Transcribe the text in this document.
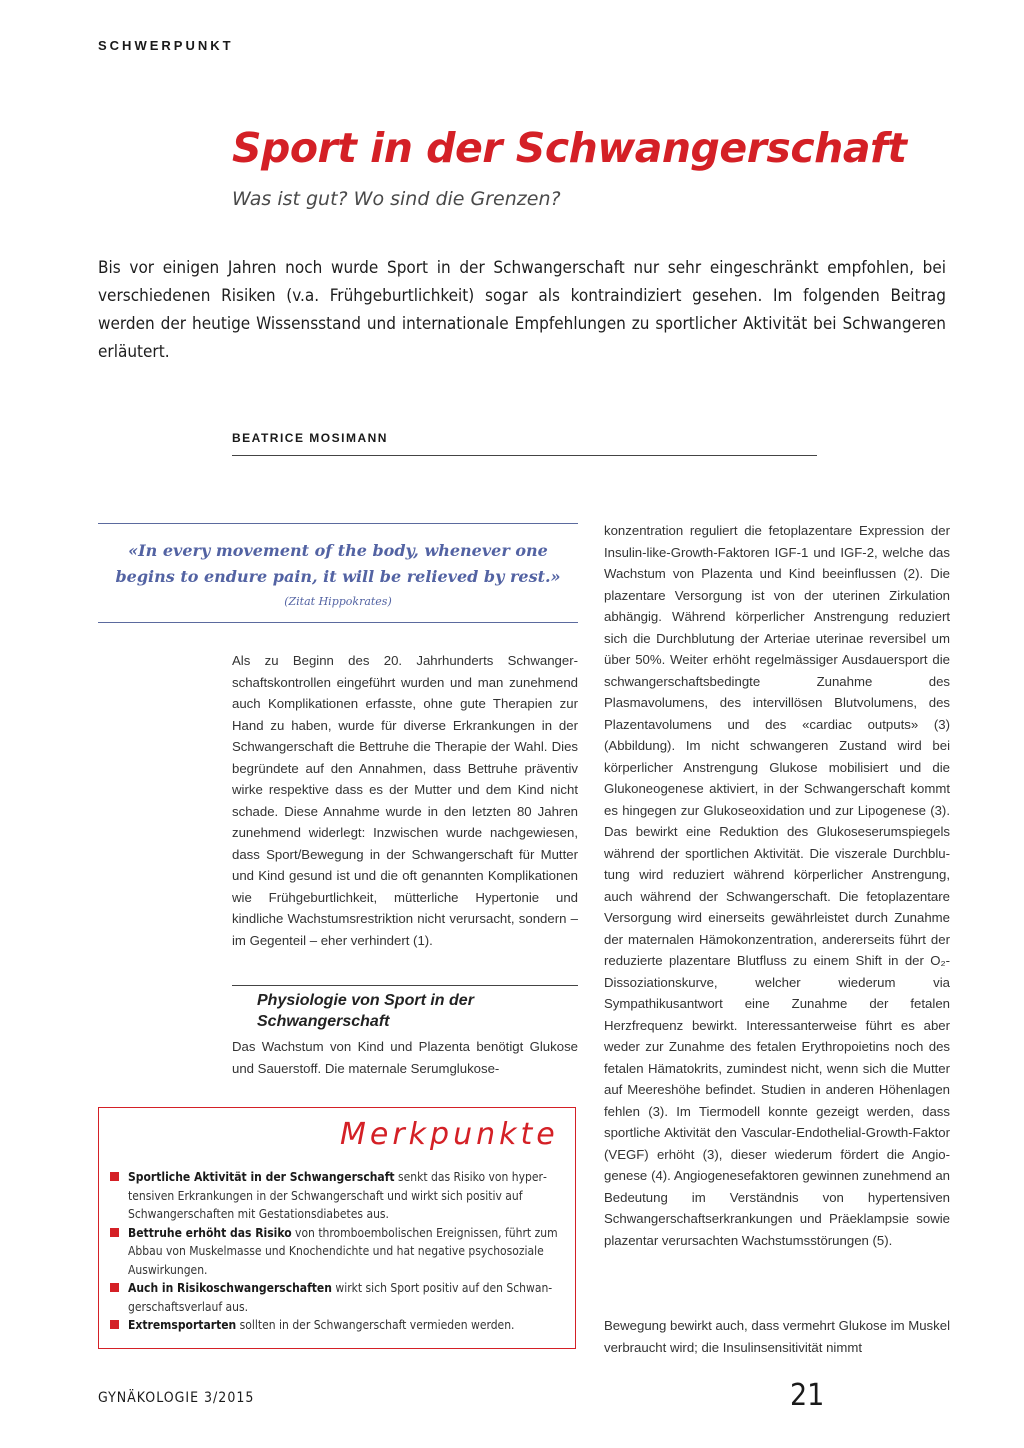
SCHWERPUNKT
Sport in der Schwangerschaft
Was ist gut? Wo sind die Grenzen?

Bis vor einigen Jahren noch wurde Sport in der Schwangerschaft nur sehr eingeschränkt empfohlen, bei verschiedenen Risiken (v.a. Frühgeburtlichkeit) sogar als kontraindiziert gesehen. Im folgenden Beitrag werden der heutige Wissensstand und internationale Empfehlungen zu sportlicher Aktivität bei Schwangeren erläutert.

BEATRICE MOSIMANN
«In every movement of the body, whenever one begins to endure pain, it will be relieved by rest.»
(Zitat Hippokrates)

Als zu Beginn des 20. Jahrhunderts Schwangerschaftskontrollen eingeführt wurden und man zunehmend auch Komplikationen erfasste, ohne gute Therapien zur Hand zu haben, wurde für diverse Erkrankungen in der Schwangerschaft die Bettruhe die Therapie der Wahl. Dies begründete auf den Annahmen, dass Bettruhe präventiv wirke respektive dass es der Mutter und dem Kind nicht schade. Diese Annahme wurde in den letzten 80 Jahren zunehmend widerlegt: Inzwischen wurde nachgewiesen, dass Sport/Bewegung in der Schwangerschaft für Mutter und Kind gesund ist und die oft genannten Komplikationen wie Frühgeburtlichkeit, mütterliche Hypertonie und kindliche Wachstumsrestriktion nicht verursacht, sondern – im Gegenteil – eher verhindert (1).

Physiologie von Sport in der Schwangerschaft

Das Wachstum von Kind und Plazenta benötigt Glukose und Sauerstoff. Die maternale Serumglukose-

konzentration reguliert die fetoplazentare Expression der Insulin-like-Growth-Faktoren IGF-1 und IGF-2, welche das Wachstum von Plazenta und Kind beeinflussen (2). Die plazentare Versorgung ist von der uterinen Zirkulation abhängig. Während körperlicher Anstrengung reduziert sich die Durchblutung der Arteriae uterinae reversibel um über 50%. Weiter erhöht regelmässiger Ausdauersport die schwangerschaftsbedingte Zunahme des Plasmavolumens, des intervillösen Blutvolumens, des Plazentavolumens und des «cardiac outputs» (3) (Abbildung). Im nicht schwangeren Zustand wird bei körperlicher Anstrengung Glukose mobilisiert und die Glukoneogenese aktiviert, in der Schwangerschaft kommt es hingegen zur Glukoseoxidation und zur Lipogenese (3). Das bewirkt eine Reduktion des Glukoseserumspiegels während der sportlichen Aktivität. Die viszerale Durchblutung wird reduziert während körperlicher Anstrengung, auch während der Schwangerschaft. Die fetoplazentare Versorgung wird einerseits gewährleistet durch Zunahme der maternalen Hämokonzentration, andererseits führt der reduzierte plazentare Blutfluss zu einem Shift in der O₂-Dissoziationskurve, welcher wiederum via Sympathikusantwort eine Zunahme der fetalen Herzfrequenz bewirkt. Interessanterweise führt es aber weder zur Zunahme des fetalen Erythropoietins noch des fetalen Hämatokrits, zumindest nicht, wenn sich die Mutter auf Meereshöhe befindet. Studien in anderen Höhenlagen fehlen (3). Im Tiermodell konnte gezeigt werden, dass sportliche Aktivität den Vascular-Endothelial-Growth-Faktor (VEGF) erhöht (3), dieser wiederum fördert die Angiogenese (4). Angiogenesefaktoren gewinnen zunehmend an Bedeutung im Verständnis von hypertensiven Schwangerschaftserkrankungen und Präeklampsie sowie plazentar verursachten Wachstumsstörungen (5).

Bewegung bewirkt auch, dass vermehrt Glukose im Muskel verbraucht wird; die Insulinsensitivität nimmt

Merkpunkte
Sportliche Aktivität in der Schwangerschaft senkt das Risiko von hypertensiven Erkrankungen in der Schwangerschaft und wirkt sich positiv auf Schwangerschaften mit Gestationsdiabetes aus.
Bettruhe erhöht das Risiko von thromboembolischen Ereignissen, führt zum Abbau von Muskelmasse und Knochendichte und hat negative psychosoziale Auswirkungen.
Auch in Risikoschwangerschaften wirkt sich Sport positiv auf den Schwangerschaftsverlauf aus.
Extremsportarten sollten in der Schwangerschaft vermieden werden.
GYNÄKOLOGIE 3/2015	21
